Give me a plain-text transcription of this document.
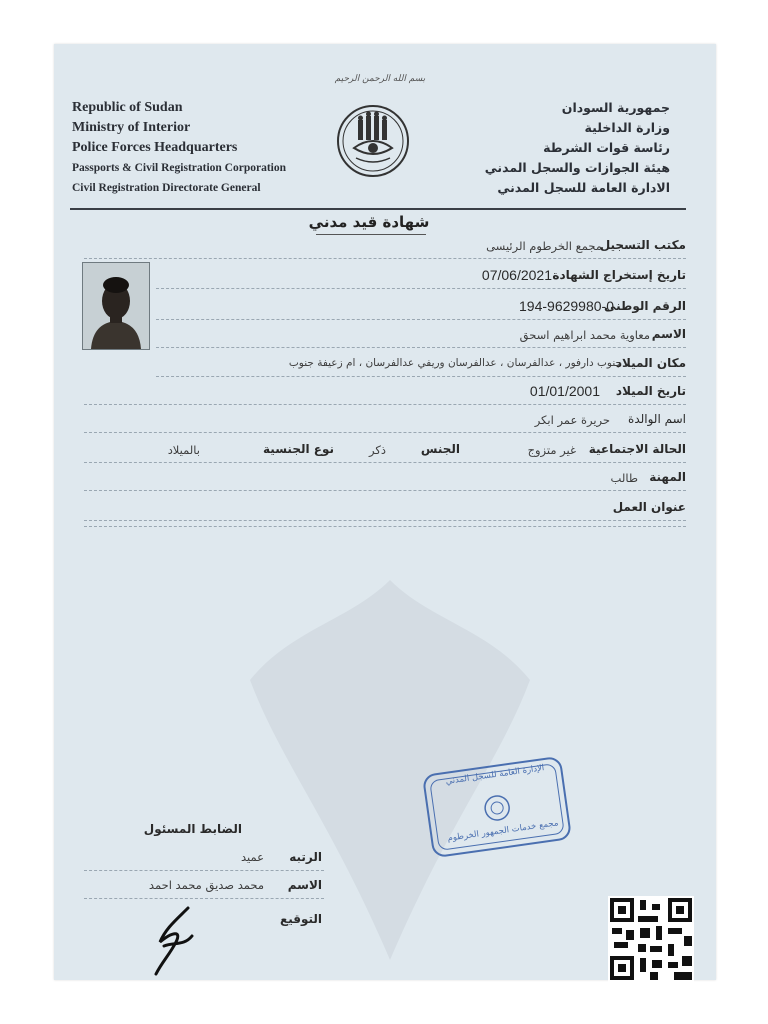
Republic of Sudan
Ministry of Interior
Police Forces Headquarters
Passports & Civil Registration Corporation
Civil Registration Directorate General
جمهورية السودان
وزارة الداخلية
رئاسة قوات الشرطة
هيئة الجوازات والسجل المدني
الادارة العامة للسجل المدني
بسم الله الرحمن الرحيم
شهادة قيد مدني
مكتب التسجيل
مجمع الخرطوم الرئيسى
تاريخ إستخراج الشهادة
07/06/2021
الرقم الوطنى
194-9629980-0
الاسم
معاوية محمد ابراهيم اسحق
مكان الميلاد
جنوب دارفور ، عدالفرسان ، عدالفرسان وريفي عدالفرسان ، ام زعيفة جنوب
تاريخ الميلاد
01/01/2001
اسم الوالدة
حريرة عمر ابكر
الحالة الاجتماعية
غير متزوج
الجنس
ذكر
نوع الجنسية
بالميلاد
المهنة
طالب
عنوان العمل
الإدارة العامة للسجل المدني
مجمع خدمات الجمهور الخرطوم
الضابط المسئول
الرتبه
عميد
الاسم
محمد صديق محمد احمد
التوقيع
